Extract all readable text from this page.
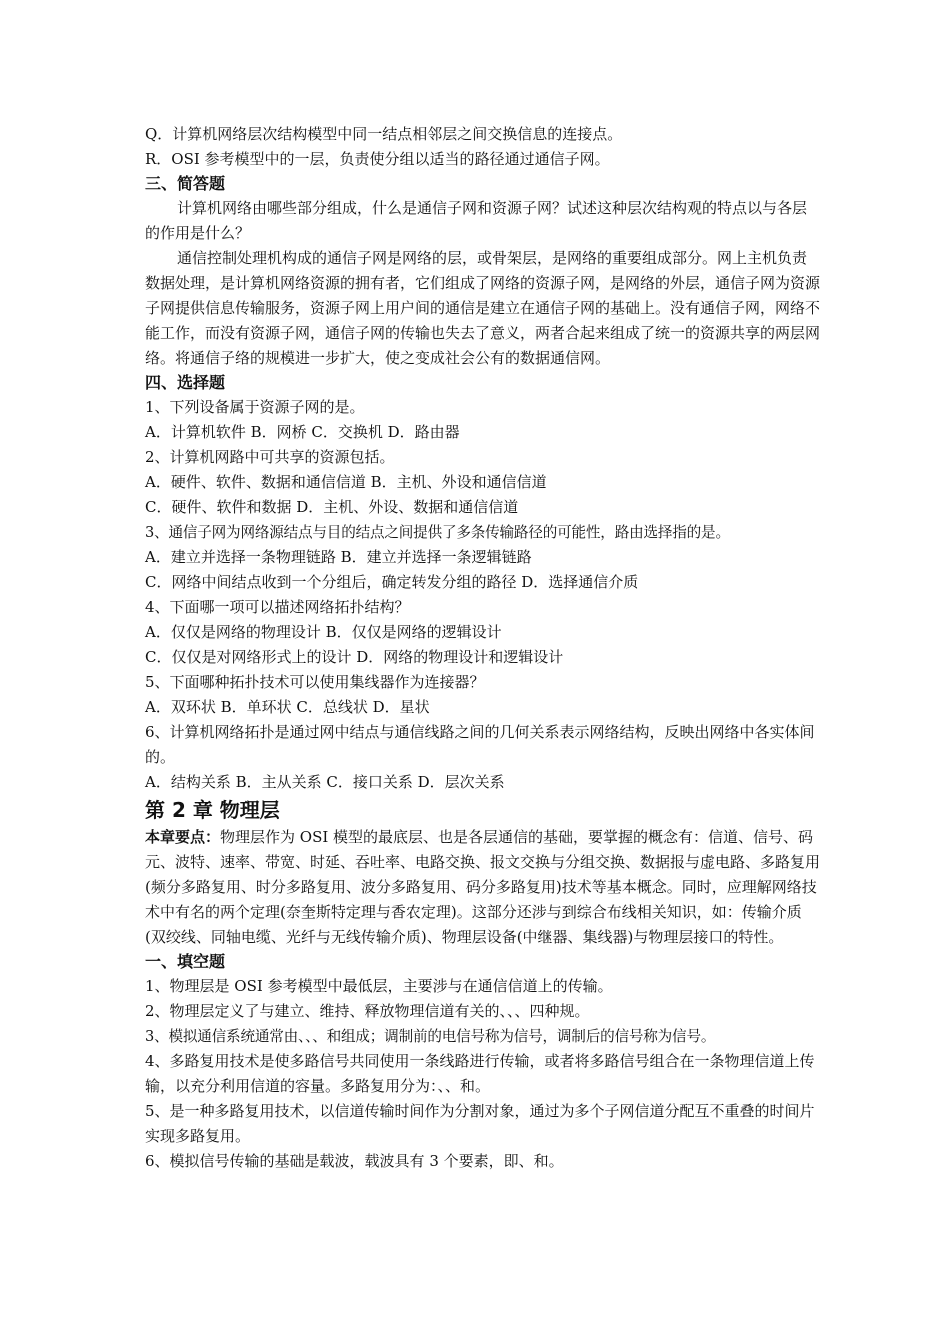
Q．计算机网络层次结构模型中同一结点相邻层之间交换信息的连接点。
R．OSI 参考模型中的一层，负责使分组以适当的路径通过通信子网。
三、简答题
计算机网络由哪些部分组成，什么是通信子网和资源子网？试述这种层次结构观的特点以与各层的作用是什么？
通信控制处理机构成的通信子网是网络的层，或骨架层，是网络的重要组成部分。网上主机负责数据处理，是计算机网络资源的拥有者，它们组成了网络的资源子网，是网络的外层，通信子网为资源子网提供信息传输服务，资源子网上用户间的通信是建立在通信子网的基础上。没有通信子网，网络不能工作，而没有资源子网，通信子网的传输也失去了意义，两者合起来组成了统一的资源共享的两层网络。将通信子络的规模进一步扩大，使之变成社会公有的数据通信网。
四、选择题
1、下列设备属于资源子网的是。
A．计算机软件 B．网桥 C．交换机 D．路由器
2、计算机网路中可共享的资源包括。
A．硬件、软件、数据和通信信道 B．主机、外设和通信信道
C．硬件、软件和数据 D．主机、外设、数据和通信信道
3、通信子网为网络源结点与目的结点之间提供了多条传输路径的可能性，路由选择指的是。
A．建立并选择一条物理链路 B．建立并选择一条逻辑链路
C．网络中间结点收到一个分组后，确定转发分组的路径 D．选择通信介质
4、下面哪一项可以描述网络拓扑结构？
A．仅仅是网络的物理设计 B．仅仅是网络的逻辑设计
C．仅仅是对网络形式上的设计 D．网络的物理设计和逻辑设计
5、下面哪种拓扑技术可以使用集线器作为连接器？
A．双环状 B．单环状 C．总线状 D．星状
6、计算机网络拓扑是通过网中结点与通信线路之间的几何关系表示网络结构，反映出网络中各实体间的。
A．结构关系 B．主从关系 C．接口关系 D．层次关系
第 2 章 物理层
本章要点：物理层作为 OSI 模型的最底层、也是各层通信的基础，要掌握的概念有：信道、信号、码元、波特、速率、带宽、时延、吞吐率、电路交换、报文交换与分组交换、数据报与虚电路、多路复用(频分多路复用、时分多路复用、波分多路复用、码分多路复用)技术等基本概念。同时，应理解网络技术中有名的两个定理(奈奎斯特定理与香农定理)。这部分还涉与到综合布线相关知识，如：传输介质(双绞线、同轴电缆、光纤与无线传输介质)、物理层设备(中继器、集线器)与物理层接口的特性。
一、填空题
1、物理层是 OSI 参考模型中最低层，主要涉与在通信信道上的传输。
2、物理层定义了与建立、维持、释放物理信道有关的、、、四种规。
3、模拟通信系统通常由、、、和组成；调制前的电信号称为信号，调制后的信号称为信号。
4、多路复用技术是使多路信号共同使用一条线路进行传输，或者将多路信号组合在一条物理信道上传输，以充分利用信道的容量。多路复用分为：、、和。
5、是一种多路复用技术，以信道传输时间作为分割对象，通过为多个子网信道分配互不重叠的时间片实现多路复用。
6、模拟信号传输的基础是载波，载波具有 3 个要素，即、和。
